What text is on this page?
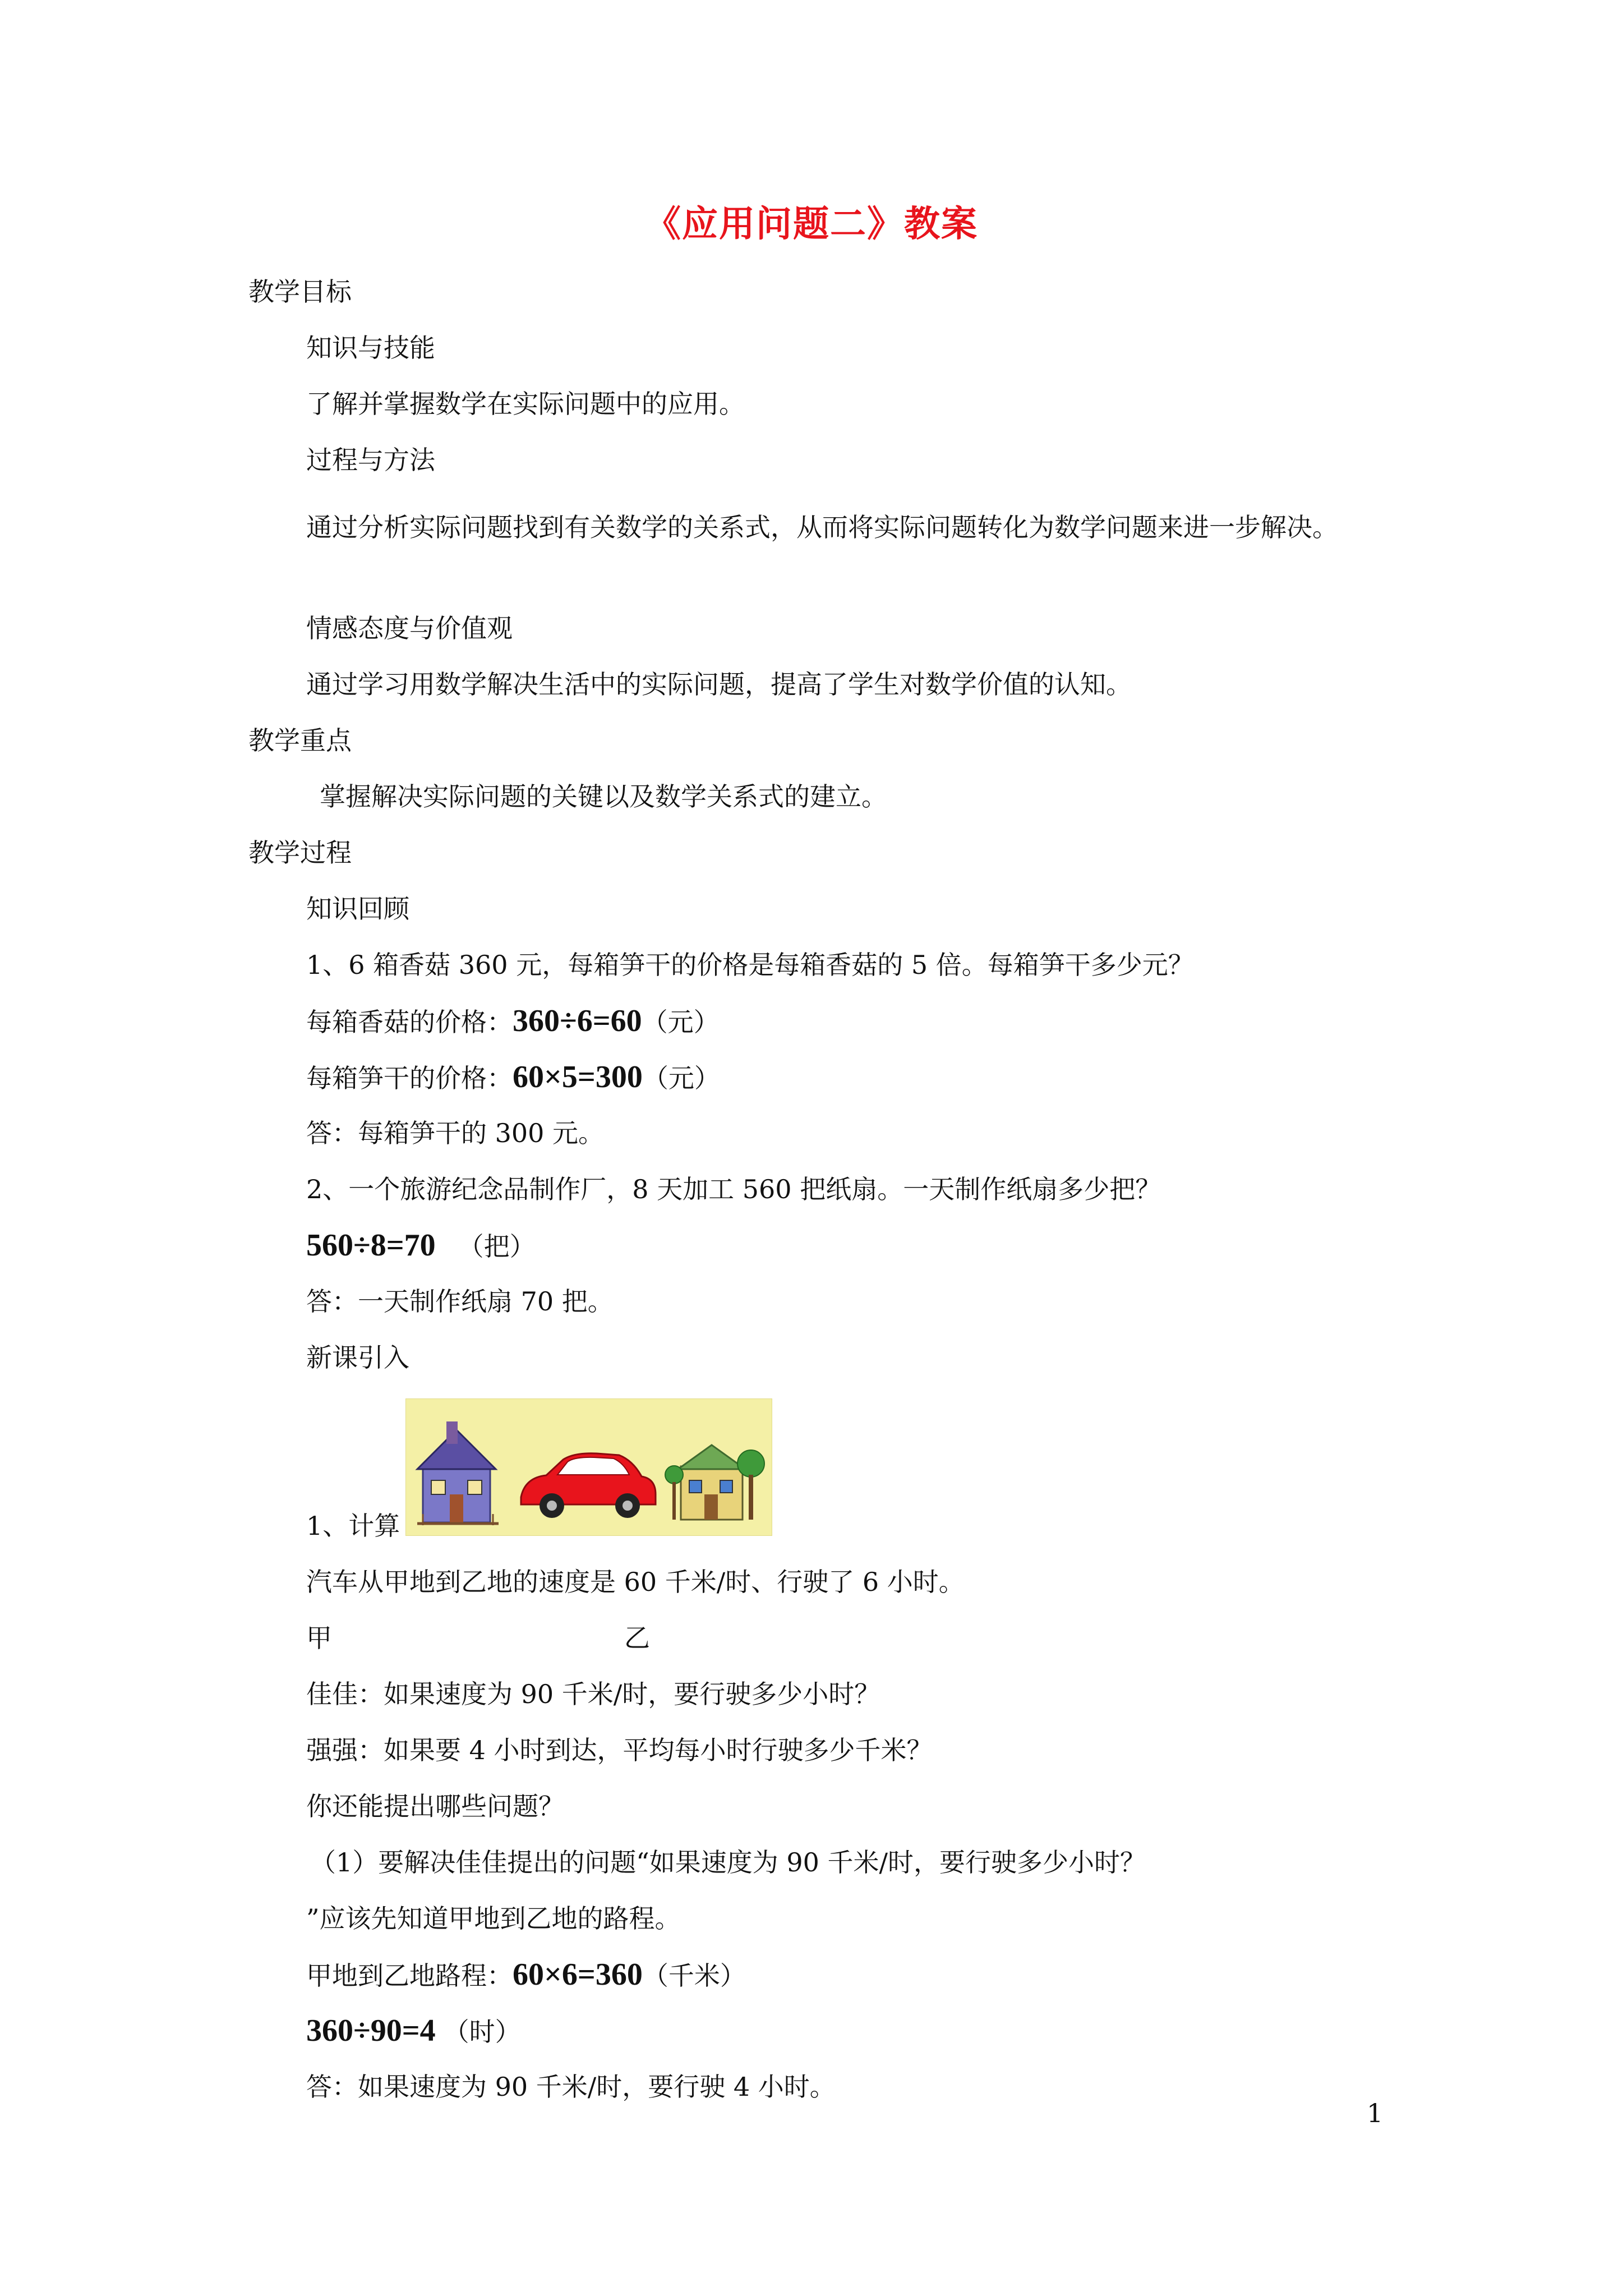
《应用问题二》教案
教学目标
知识与技能
了解并掌握数学在实际问题中的应用。
过程与方法
通过分析实际问题找到有关数学的关系式，从而将实际问题转化为数学问题来进一步解决。
情感态度与价值观
通过学习用数学解决生活中的实际问题，提高了学生对数学价值的认知。
教学重点
掌握解决实际问题的关键以及数学关系式的建立。
教学过程
知识回顾
1、6 箱香菇 360 元，每箱笋干的价格是每箱香菇的 5 倍。每箱笋干多少元？
每箱香菇的价格：360÷6=60（元）
每箱笋干的价格：60×5=300（元）
答：每箱笋干的 300 元。
2、一个旅游纪念品制作厂，8 天加工 560 把纸扇。一天制作纸扇多少把？
560÷8=70 （把）
答：一天制作纸扇 70 把。
新课引入
1、计算
汽车从甲地到乙地的速度是 60 千米/时、行驶了 6 小时。
甲	乙
佳佳：如果速度为 90 千米/时，要行驶多少小时？
强强：如果要 4 小时到达，平均每小时行驶多少千米？
你还能提出哪些问题？
（1）要解决佳佳提出的问题“如果速度为 90 千米/时，要行驶多少小时？
”应该先知道甲地到乙地的路程。
甲地到乙地路程：60×6=360（千米）
360÷90=4 （时）
答：如果速度为 90 千米/时，要行驶 4 小时。
1
